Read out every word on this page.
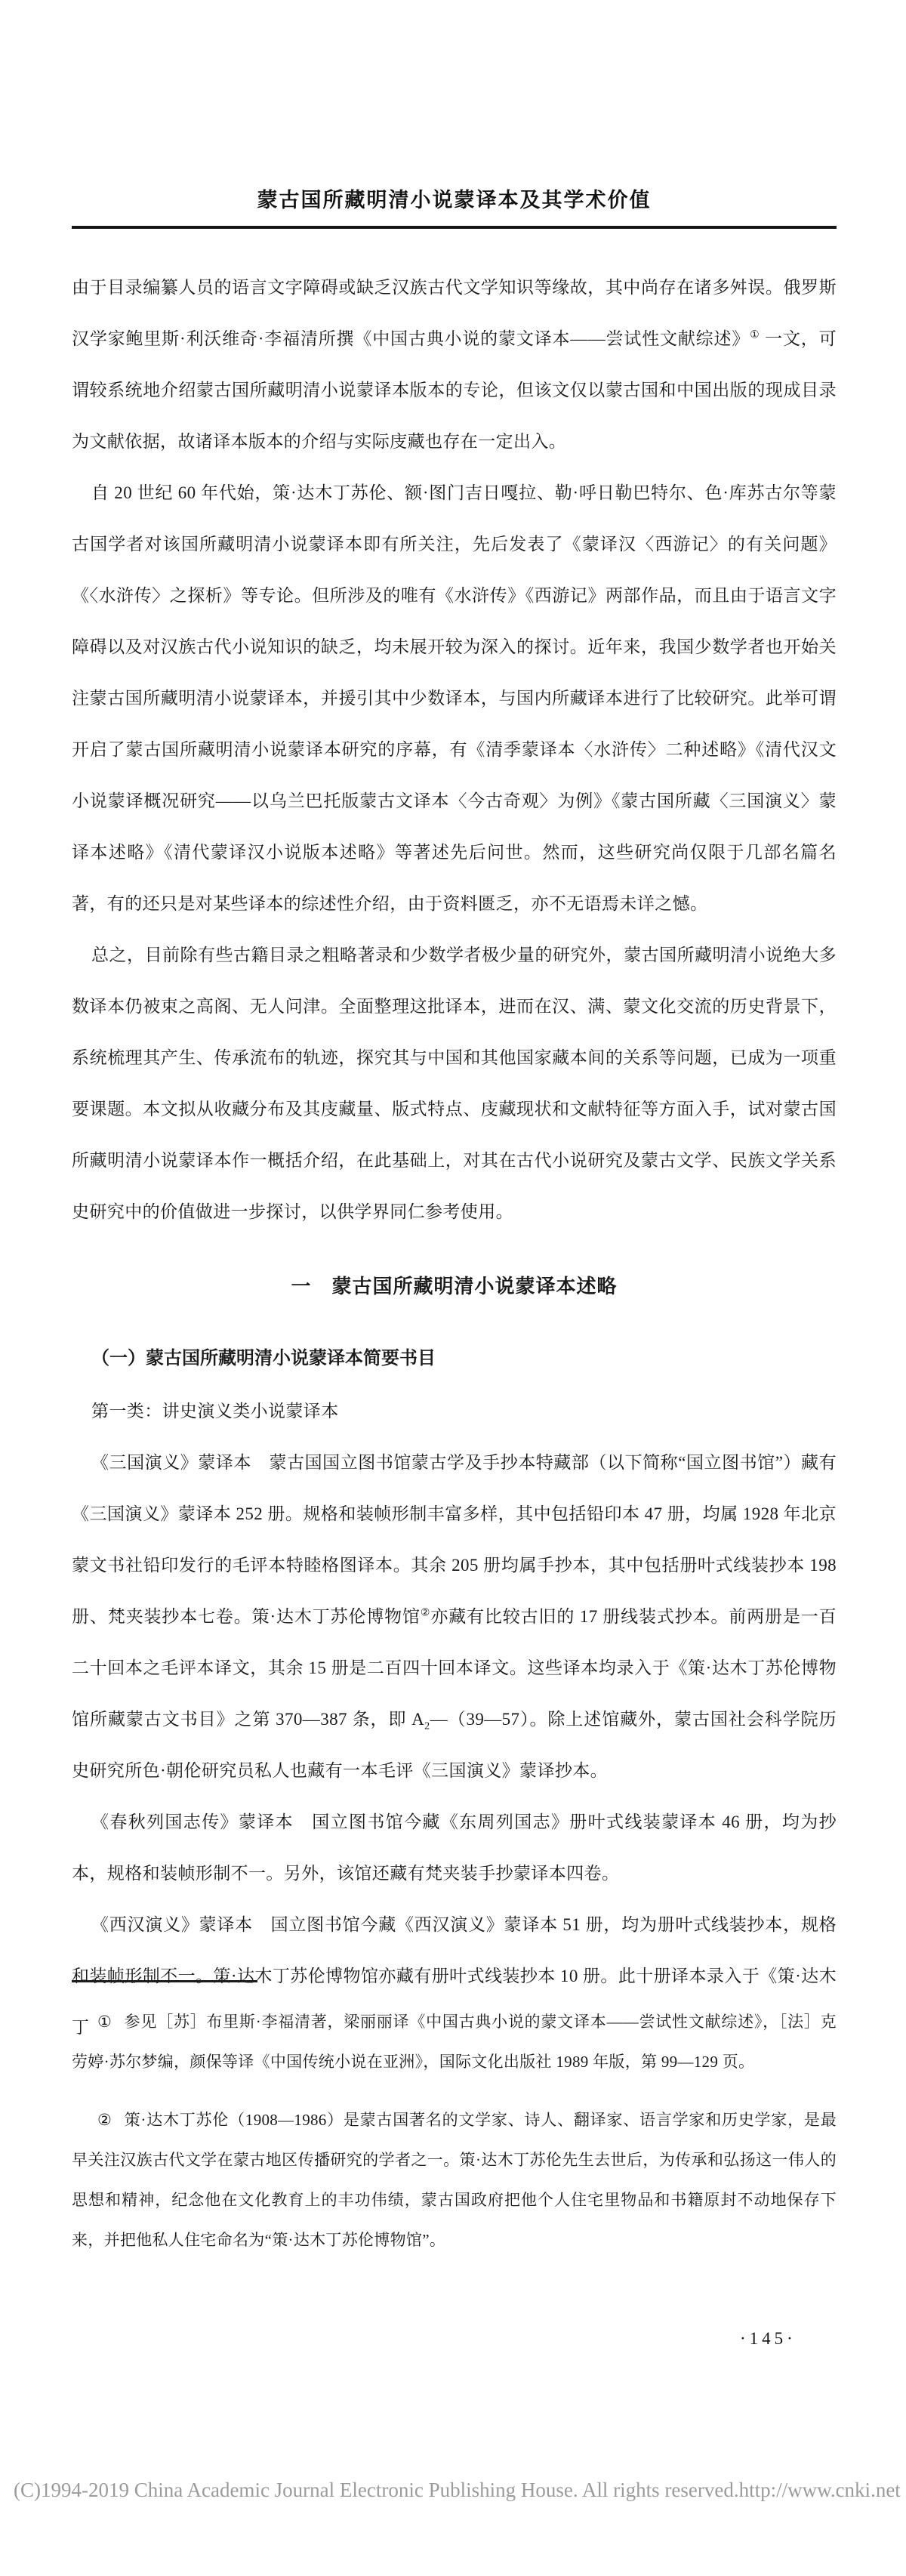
蒙古国所藏明清小说蒙译本及其学术价值

由于目录编纂人员的语言文字障碍或缺乏汉族古代文学知识等缘故，其中尚存在诸多舛误。俄罗斯汉学家鲍里斯·利沃维奇·李福清所撰《中国古典小说的蒙文译本——尝试性文献综述》① 一文，可谓较系统地介绍蒙古国所藏明清小说蒙译本版本的专论，但该文仅以蒙古国和中国出版的现成目录为文献依据，故诸译本版本的介绍与实际庋藏也存在一定出入。

自 20 世纪 60 年代始，策·达木丁苏伦、额·图门吉日嘎拉、勒·呼日勒巴特尔、色·库苏古尔等蒙古国学者对该国所藏明清小说蒙译本即有所关注，先后发表了《蒙译汉〈西游记〉的有关问题》《〈水浒传〉之探析》等专论。但所涉及的唯有《水浒传》《西游记》两部作品，而且由于语言文字障碍以及对汉族古代小说知识的缺乏，均未展开较为深入的探讨。近年来，我国少数学者也开始关注蒙古国所藏明清小说蒙译本，并援引其中少数译本，与国内所藏译本进行了比较研究。此举可谓开启了蒙古国所藏明清小说蒙译本研究的序幕，有《清季蒙译本〈水浒传〉二种述略》《清代汉文小说蒙译概况研究——以乌兰巴托版蒙古文译本〈今古奇观〉为例》《蒙古国所藏〈三国演义〉蒙译本述略》《清代蒙译汉小说版本述略》等著述先后问世。然而，这些研究尚仅限于几部名篇名著，有的还只是对某些译本的综述性介绍，由于资料匮乏，亦不无语焉未详之憾。

总之，目前除有些古籍目录之粗略著录和少数学者极少量的研究外，蒙古国所藏明清小说绝大多数译本仍被束之高阁、无人问津。全面整理这批译本，进而在汉、满、蒙文化交流的历史背景下，系统梳理其产生、传承流布的轨迹，探究其与中国和其他国家藏本间的关系等问题，已成为一项重要课题。本文拟从收藏分布及其庋藏量、版式特点、庋藏现状和文献特征等方面入手，试对蒙古国所藏明清小说蒙译本作一概括介绍，在此基础上，对其在古代小说研究及蒙古文学、民族文学关系史研究中的价值做进一步探讨，以供学界同仁参考使用。

一　蒙古国所藏明清小说蒙译本述略
（一）蒙古国所藏明清小说蒙译本简要书目

第一类：讲史演义类小说蒙译本

《三国演义》蒙译本　蒙古国国立图书馆蒙古学及手抄本特藏部（以下简称“国立图书馆”）藏有《三国演义》蒙译本 252 册。规格和装帧形制丰富多样，其中包括铅印本 47 册，均属 1928 年北京蒙文书社铅印发行的毛评本特睦格图译本。其余 205 册均属手抄本，其中包括册叶式线装抄本 198 册、梵夹装抄本七卷。策·达木丁苏伦博物馆②亦藏有比较古旧的 17 册线装式抄本。前两册是一百二十回本之毛评本译文，其余 15 册是二百四十回本译文。这些译本均录入于《策·达木丁苏伦博物馆所藏蒙古文书目》之第 370—387 条，即 $A_2—(39—57)$。除上述馆藏外，蒙古国社会科学院历史研究所色·朝伦研究员私人也藏有一本毛评《三国演义》蒙译抄本。

《春秋列国志传》蒙译本　国立图书馆今藏《东周列国志》册叶式线装蒙译本 46 册，均为抄本，规格和装帧形制不一。另外，该馆还藏有梵夹装手抄蒙译本四卷。

《西汉演义》蒙译本　国立图书馆今藏《西汉演义》蒙译本 51 册，均为册叶式线装抄本，规格和装帧形制不一。策·达木丁苏伦博物馆亦藏有册叶式线装抄本 10 册。此十册译本录入于《策·达木丁 ① 参见［苏］布里斯·李福清著，梁丽丽译《中国古典小说的蒙文译本——尝试性文献综述》，［法］克劳婷·苏尔梦编，颜保等译《中国传统小说在亚洲》，国际文化出版社 1989 年版，第 99—129 页。

② 策·达木丁苏伦（1908—1986）是蒙古国著名的文学家、诗人、翻译家、语言学家和历史学家，是最早关注汉族古代文学在蒙古地区传播研究的学者之一。策·达木丁苏伦先生去世后，为传承和弘扬这一伟人的思想和精神，纪念他在文化教育上的丰功伟绩，蒙古国政府把他个人住宅里物品和书籍原封不动地保存下来，并把他私人住宅命名为“策·达木丁苏伦博物馆”。

·145·
(C)1994-2019 China Academic Journal Electronic Publishing House. All rights reserved. http://www.cnki.net
